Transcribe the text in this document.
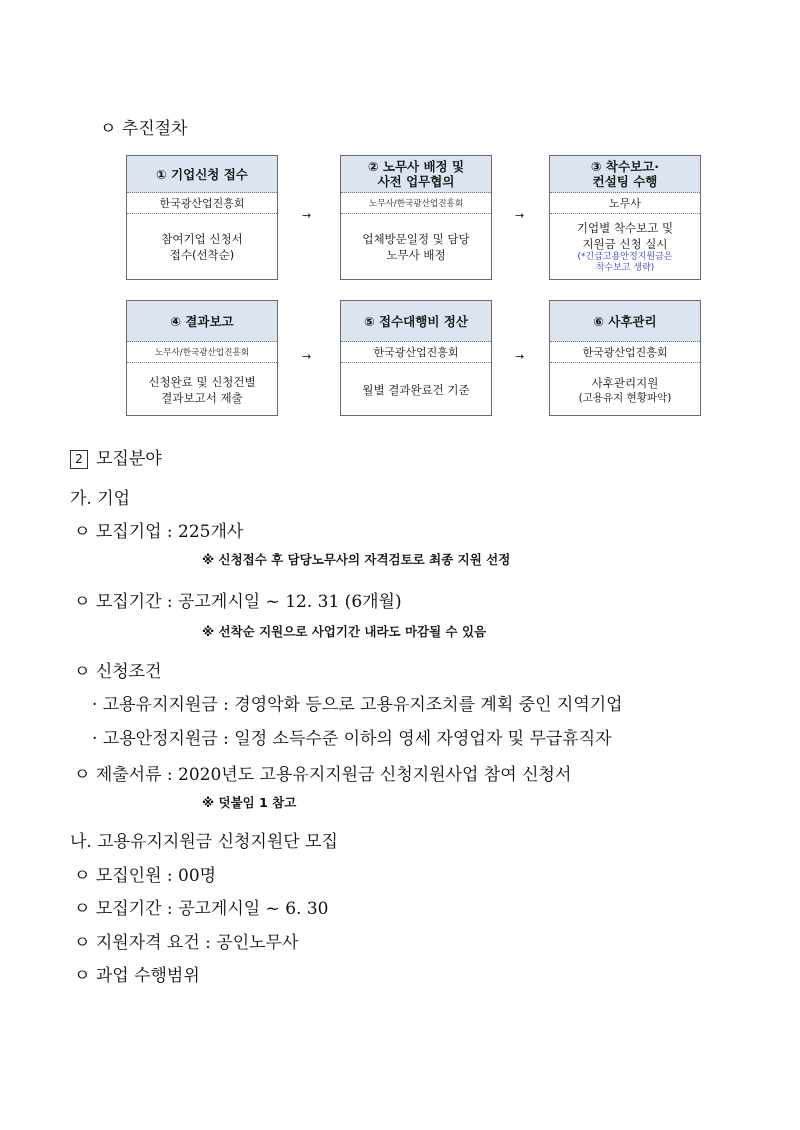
ㅇ 추진절차
① 기업신청 접수
한국광산업진흥회
참여기업 신청서
접수(선착순)
→
② 노무사 배정 및
사전 업무협의
노무사/한국광산업진흥회
업체방문일정 및 담당
노무사 배정
→
③ 착수보고·
컨설팅 수행
노무사
기업별 착수보고 및
지원금 신청 실시
(*긴급고용안정지원금은
착수보고 생략)
④ 결과보고
노무사/한국광산업진흥회
신청완료 및 신청건별
결과보고서 제출
→
⑤ 접수대행비 정산
한국광산업진흥회
월별 결과완료건 기준
→
⑥ 사후관리
한국광산업진흥회
사후관리지원
(고용유지 현황파악)
2 모집분야
가. 기업
ㅇ 모집기업 : 225개사
※ 신청접수 후 담당노무사의 자격검토로 최종 지원 선정
ㅇ 모집기간 : 공고게시일 ~ 12. 31 (6개월)
※ 선착순 지원으로 사업기간 내라도 마감될 수 있음
ㅇ 신청조건
· 고용유지지원금 : 경영악화 등으로 고용유지조치를 계획 중인 지역기업
· 고용안정지원금 : 일정 소득수준 이하의 영세 자영업자 및 무급휴직자
ㅇ 제출서류 : 2020년도 고용유지지원금 신청지원사업 참여 신청서
※ 덧붙임 1 참고
나. 고용유지지원금 신청지원단 모집
ㅇ 모집인원 : 00명
ㅇ 모집기간 : 공고게시일 ~ 6. 30
ㅇ 지원자격 요건 : 공인노무사
ㅇ 과업 수행범위
